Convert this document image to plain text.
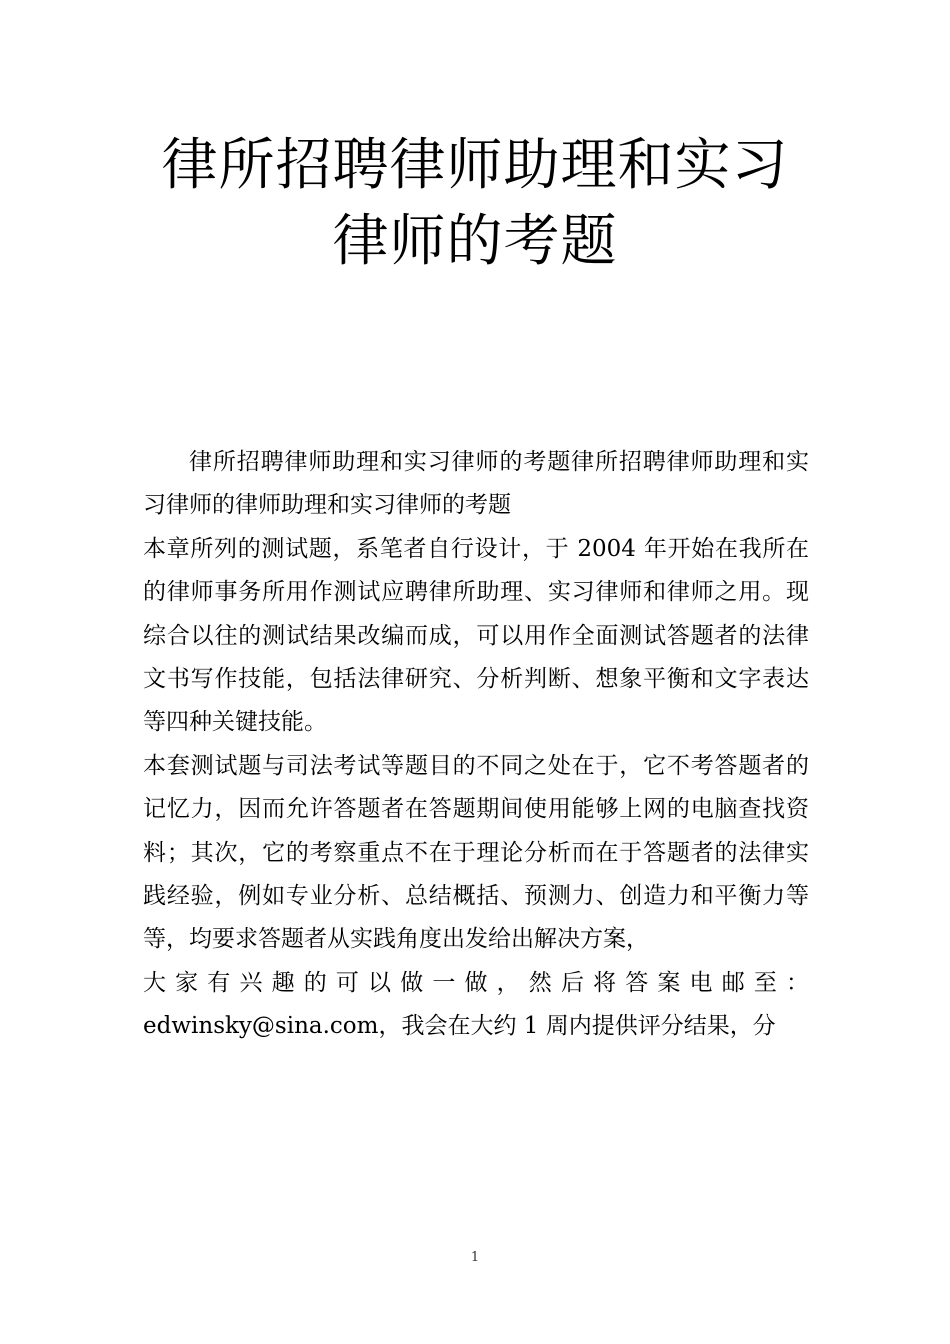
律所招聘律师助理和实习
律师的考题

律所招聘律师助理和实习律师的考题律所招聘律师助理和实习律师的律师助理和实习律师的考题

本章所列的测试题，系笔者自行设计，于 2004 年开始在我所在的律师事务所用作测试应聘律所助理、实习律师和律师之用。现综合以往的测试结果改编而成，可以用作全面测试答题者的法律文书写作技能，包括法律研究、分析判断、想象平衡和文字表达等四种关键技能。

本套测试题与司法考试等题目的不同之处在于，它不考答题者的记忆力，因而允许答题者在答题期间使用能够上网的电脑查找资料；其次，它的考察重点不在于理论分析而在于答题者的法律实践经验，例如专业分析、总结概括、预测力、创造力和平衡力等等，均要求答题者从实践角度出发给出解决方案，

大家有兴趣的可以做一做，然后将答案电邮至：

edwinsky@sina.com，我会在大约 1 周内提供评分结果，分

1
